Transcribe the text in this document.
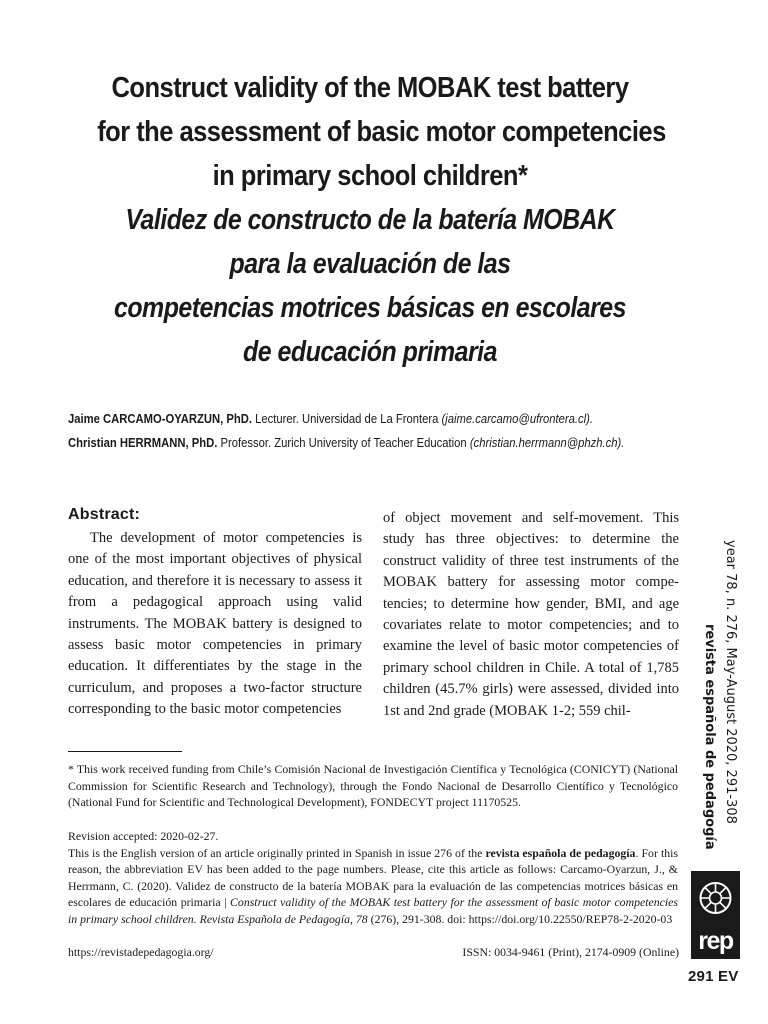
Construct validity of the MOBAK test battery
for the assessment of basic motor competencies
in primary school children*
Validez de constructo de la batería MOBAK
para la evaluación de las
competencias motrices básicas en escolares
de educación primaria
Jaime CARCAMO-OYARZUN, PhD. Lecturer. Universidad de La Frontera (jaime.carcamo@ufrontera.cl).
Christian HERRMANN, PhD. Professor. Zurich University of Teacher Education (christian.herrmann@phzh.ch).
Abstract:

The development of motor competencies is one of the most important objectives of physical education, and therefore it is necessary to assess it from a pedagogical approach using valid instruments. The MOBAK battery is designed to assess basic motor competencies in primary education. It differentiates by the stage in the curriculum, and proposes a two-factor structure corresponding to the basic motor competencies

of object movement and self-movement. This study has three objectives: to determine the construct validity of three test instruments of the MOBAK battery for assessing motor competencies; to determine how gender, BMI, and age covariates relate to motor competencies; and to examine the level of basic motor competencies of primary school children in Chile. A total of 1,785 children (45.7% girls) were assessed, divided into 1st and 2nd grade (MOBAK 1-2; 559 chil-

* This work received funding from Chile’s Comisión Nacional de Investigación Científica y Tecnológica (CONICYT) (National Commission for Scientific Research and Technology), through the Fondo Nacional de Desarrollo Científico y Tecnológico (National Fund for Scientific and Technological Development), FONDECYT project 11170525.

Revision accepted: 2020-02-27.

This is the English version of an article originally printed in Spanish in issue 276 of the revista española de pedagogía. For this reason, the abbreviation EV has been added to the page numbers. Please, cite this article as follows: Carcamo-Oyarzun, J., & Herrmann, C. (2020). Validez de constructo de la batería MOBAK para la evaluación de las competencias motrices básicas en escolares de educación primaria | Construct validity of the MOBAK test battery for the assessment of basic motor competencies in primary school children. Revista Española de Pedagogía, 78 (276), 291-308. doi: https://doi.org/10.22550/REP78-2-2020-03

https://revistadepedagogia.org/	ISSN: 0034-9461 (Print), 2174-0909 (Online)
year 78, n. 276, May-August 2020, 291-308
revista española de pedagogía
rep
291 EV
